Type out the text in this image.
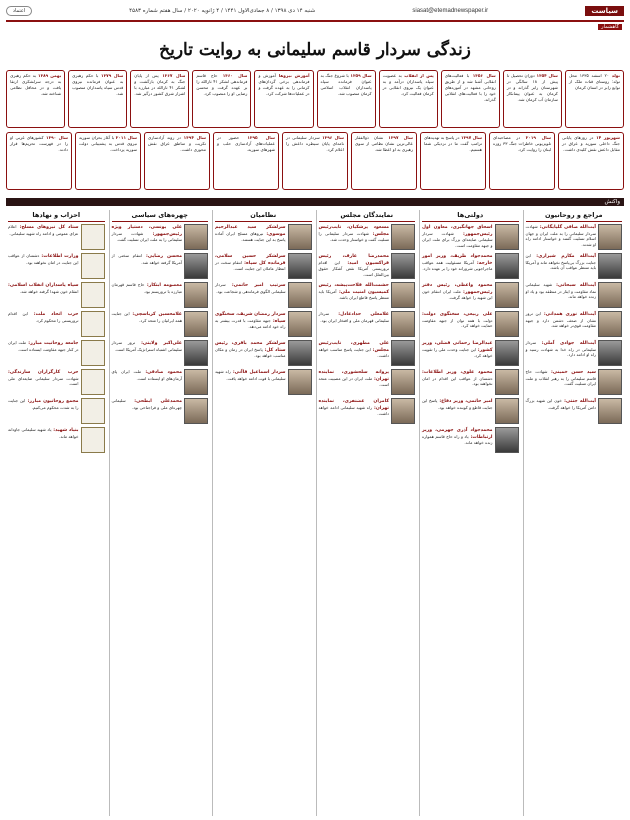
سیاست
siasat@etemadnewspaper.ir
شنبه ۱۴ دی ۱۳۹۸ / ۸ جمادی‌الاول ۱۴۴۱ / ۴ ژانویه ۲۰۲۰ / سال هفتم شماره ۴۵۸۳
اعتماد
گاهشمار
زندگی سردار قاسم سلیمانی به روایت تاریخ
تولد ۲۰ اسفند ۱۳۳۵ محل تولد: روستای قنات ملک از توابع رابر در استان کرمان
سال ۱۳۵۴ دوران تحصیل تا پیش از ۱۸ سالگی در شهرستان رابر گذراند و در کرمان به عنوان پیمانکار سازمان آب کرمان شد.
سال ۱۳۵۶ با فعالیت‌های انقلابی آشنا شد و از طریق روحانی مشهد در آموزه‌های خود را با فعالیت‌های انقلابی گذراند.
پس از انقلاب به عضویت سپاه پاسداران درآمد و به عنوان یک نیروی انقلابی در کرمان فعالیت کرد.
سال ۱۳۵۹ با شروع جنگ به عنوان فرمانده سپاه پاسداران انقلاب اسلامی کرمان منصوب شد.
آموزش نیروها آموزش و فرماندهی برخی گردان‌های کرمانی را به عهده گرفت و در عملیات‌ها شرکت کرد.
سال ۱۳۶۰ حاج قاسم فرماندهی لشکر ۴۱ ثارالله را بر عهده گرفت و محسن رضایی او را منصوب کرد.
سال ۱۳۶۷ پس از پایان جنگ به کرمان بازگشت و لشکر ۴۱ ثارالله در مبارزه با اشرار شرق کشور درگیر شد.
سال ۱۳۷۹ با حکم رهبری به عنوان فرمانده نیروی قدس سپاه پاسداران منصوب شد.
بهمن ۱۳۸۹ به حکم رهبری به درجه سرلشکری ارتقا یافت و در محافل نظامی شناخته شد.
شهریور ۱۴ در روزهای پایانی جنگ داخلی سوریه و عراق در مقابل داعش نقش کلیدی داشت.
سال ۲۰۱۹ در مصاحبه‌ای تلویزیونی خاطرات جنگ ۳۳ روزه لبنان را روایت کرد.
سال ۱۳۹۷ در پاسخ به تهدیدهای ترامپ گفت ما در نزدیکی شما هستیم.
سال ۱۳۹۷ نشان ذوالفقار عالی‌ترین نشان نظامی از سوی رهبری به او اعطا شد.
سال ۱۳۹۶ سردار سلیمانی در نامه‌ای پایان سیطره داعش را اعلام کرد.
سال ۱۳۹۵ حضور در عملیات‌های آزادسازی حلب و شهرهای سوریه.
سال ۱۳۹۴ در روند آزادسازی تکریت و مناطق عراق نقش محوری داشت.
سال ۲۰۱۱ با آغاز بحران سوریه نیروی قدس به پشتیبانی دولت سوریه پرداخت.
سال ۱۳۹۰ کشورهای غربی او را در فهرست تحریم‌ها قرار دادند.
واکنش
مراجع و روحانیون
آیت‌الله صافی گلپایگانی: شهادت سردار سلیمانی را به ملت ایران و جهان اسلام تسلیت گفتند و خواستار ادامه راه او شدند.
آیت‌الله مکارم شیرازی: این جنایت بزرگ بی‌پاسخ نخواهد ماند و آمریکا باید منتظر عواقب آن باشد.
آیت‌الله سبحانی: شهید سلیمانی نماد مقاومت و ایثار در منطقه بود و یاد او زنده خواهد ماند.
آیت‌الله نوری همدانی: این ترور نشان از ضعف دشمن دارد و جبهه مقاومت قوی‌تر خواهد شد.
آیت‌الله جوادی آملی: سردار سلیمانی در راه خدا به شهادت رسید و راه او ادامه دارد.
سید حسن خمینی: شهادت حاج قاسم سلیمانی را به رهبر انقلاب و ملت ایران تسلیت گفت.
آیت‌الله جنتی: خون این شهید بزرگ دامن آمریکا را خواهد گرفت.
دولتی‌ها
اسحاق جهانگیری، معاون اول رئیس‌جمهور: شهادت سردار سلیمانی ضایعه‌ای بزرگ برای ملت ایران و جبهه مقاومت است.
محمدجواد ظریف، وزیر امور خارجه: آمریکا مسئولیت همه عواقب ماجراجویی شرورانه خود را بر عهده دارد.
محمود واعظی، رئیس دفتر رئیس‌جمهور: ملت ایران انتقام خون این شهید را خواهد گرفت.
علی ربیعی، سخنگوی دولت: دولت با همه توان از جبهه مقاومت حمایت خواهد کرد.
عبدالرضا رحمانی فضلی، وزیر کشور: این جنایت وحدت ملی را تقویت خواهد کرد.
محمود علوی، وزیر اطلاعات: دشمنان از عواقب این اقدام در امان نخواهند بود.
امیر حاتمی، وزیر دفاع: پاسخ این جنایت قاطع و کوبنده خواهد بود.
محمدجواد آذری جهرمی، وزیر ارتباطات: یاد و راه حاج قاسم همواره زنده خواهد ماند.
نمایندگان مجلس
مسعود پزشکیان، نایب‌رئیس مجلس: شهادت سردار سلیمانی را تسلیت گفت و خواستار وحدت شد.
محمدرضا عارف، رئیس فراکسیون امید: این اقدام تروریستی آمریکا نقض آشکار حقوق بین‌الملل است.
حشمت‌الله فلاحت‌پیشه، رئیس کمیسیون امنیت ملی: آمریکا باید منتظر پاسخ قاطع ایران باشد.
غلامعلی حدادعادل: سردار سلیمانی قهرمان ملی و افتخار ایران بود.
علی مطهری، نایب‌رئیس مجلس: این جنایت پاسخ مناسب خواهد داشت.
پروانه سلحشوری، نماینده تهران: ملت ایران در این مصیبت متحد است.
کامران غضنفری، نماینده تهران: راه شهید سلیمانی ادامه خواهد داشت.
نظامیان
سرلشکر سید عبدالرحیم موسوی: نیروهای مسلح ایران آماده پاسخ به این جنایت هستند.
سرلشکر حسین سلامی، فرمانده کل سپاه: انتقام سخت در انتظار عاملان این جنایت است.
سرتیپ امیر حاتمی: سردار سلیمانی الگوی فرماندهی و شجاعت بود.
سردار رمضان شریف، سخنگوی سپاه: جبهه مقاومت با قدرت بیشتر به راه خود ادامه می‌دهد.
سرلشکر محمد باقری، رئیس ستاد کل: پاسخ ایران در زمان و مکان مناسب خواهد بود.
سردار اسماعیل قاآنی: راه شهید سلیمانی با قوت ادامه خواهد یافت.
چهره‌های سیاسی
علی یونسی، دستیار ویژه رئیس‌جمهور: شهادت سردار سلیمانی را به ملت ایران تسلیت گفت.
محسن رضایی: انتقام سختی از آمریکا گرفته خواهد شد.
معصومه ابتکار: حاج قاسم قهرمان مبارزه با تروریسم بود.
غلامحسین کرباسچی: این جنایت همه ایرانیان را متحد کرد.
علی‌اکبر ولایتی: ترور سردار سلیمانی اشتباه استراتژیک آمریکا است.
محمود صادقی: ملت ایران پای آرمان‌های او ایستاده است.
محمدعلی ابطحی: سلیمانی چهره‌ای ملی و فراجناحی بود.
احزاب و نهادها
ستاد کل نیروهای مسلح: اعلام عزای عمومی و ادامه راه شهید سلیمانی.
وزارت اطلاعات: دشمنان از عواقب این جنایت در امان نخواهند بود.
سپاه پاسداران انقلاب اسلامی: انتقام خون شهدا گرفته خواهد شد.
حزب اتحاد ملت: این اقدام تروریستی را محکوم کرد.
جامعه روحانیت مبارز: ملت ایران در کنار جبهه مقاومت ایستاده است.
حزب کارگزاران سازندگی: شهادت سردار سلیمانی ضایعه‌ای ملی است.
مجمع روحانیون مبارز: این جنایت را به شدت محکوم می‌کنیم.
بنیاد شهید: یاد شهید سلیمانی جاودانه خواهد ماند.
